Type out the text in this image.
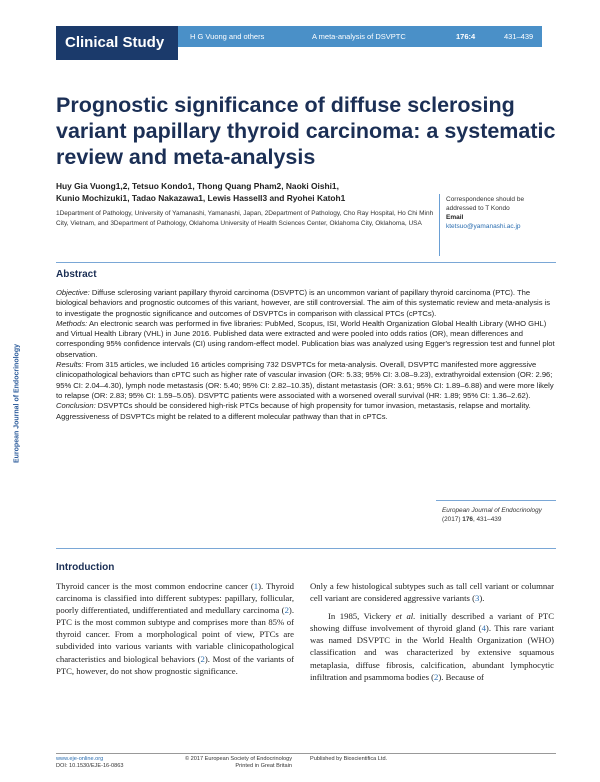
Clinical Study	H G Vuong and others	A meta-analysis of DSVPTC	176:4	431–439
European Journal of Endocrinology
Prognostic significance of diffuse sclerosing variant papillary thyroid carcinoma: a systematic review and meta-analysis
Huy Gia Vuong1,2, Tetsuo Kondo1, Thong Quang Pham2, Naoki Oishi1,
Kunio Mochizuki1, Tadao Nakazawa1, Lewis Hassell3 and Ryohei Katoh1
1Department of Pathology, University of Yamanashi, Yamanashi, Japan, 2Department of Pathology, Cho Ray Hospital, Ho Chi Minh City, Vietnam, and 3Department of Pathology, Oklahoma University of Health Sciences Center, Oklahoma City, Oklahoma, USA
Correspondence should be addressed to T Kondo
Email
ktetsuo@yamanashi.ac.jp
Abstract

Objective: Diffuse sclerosing variant papillary thyroid carcinoma (DSVPTC) is an uncommon variant of papillary thyroid carcinoma (PTC). The biological behaviors and prognostic outcomes of this variant, however, are still controversial. The aim of this systematic review and meta-analysis is to investigate the prognostic significance and outcomes of DSVPTCs in comparison with classical PTCs (cPTCs).

Methods: An electronic search was performed in five libraries: PubMed, Scopus, ISI, World Health Organization Global Health Library (WHO GHL) and Virtual Health Library (VHL) in June 2016. Published data were extracted and were pooled into odds ratios (OR), mean differences and corresponding 95% confidence intervals (CI) using random-effect model. Publication bias was analyzed using Egger's regression test and funnel plot observation.

Results: From 315 articles, we included 16 articles comprising 732 DSVPTCs for meta-analysis. Overall, DSVPTC manifested more aggressive clinicopathological behaviors than cPTC such as higher rate of vascular invasion (OR: 5.33; 95% CI: 3.08–9.23), extrathyroidal extension (OR: 2.96; 95% CI: 2.04–4.30), lymph node metastasis (OR: 5.40; 95% CI: 2.82–10.35), distant metastasis (OR: 3.61; 95% CI: 1.89–6.88) and were more likely to relapse (OR: 2.83; 95% CI: 1.59–5.05). DSVPTC patients were associated with a worsened overall survival (HR: 1.89; 95% CI: 1.36–2.62).

Conclusion: DSVPTCs should be considered high-risk PTCs because of high propensity for tumor invasion, metastasis, relapse and mortality. Aggressiveness of DSVPTCs might be related to a different molecular pathway than that in cPTCs.

European Journal of Endocrinology
(2017) 176, 431–439
Introduction

Thyroid cancer is the most common endocrine cancer (1). Thyroid carcinoma is classified into different subtypes: papillary, follicular, poorly differentiated, undifferentiated and medullary carcinoma (2). PTC is the most common subtype and comprises more than 85% of thyroid cancer. From a morphological point of view, PTCs are subdivided into various variants with variable clinicopathological characteristics and biological behaviors (2). Most of the variants of PTC, however, do not show prognostic significance.

Only a few histological subtypes such as tall cell variant or columnar cell variant are considered aggressive variants (3).

In 1985, Vickery et al. initially described a variant of PTC showing diffuse involvement of thyroid gland (4). This rare variant was named DSVPTC in the World Health Organization (WHO) classification and was characterized by extensive squamous metaplasia, diffuse fibrosis, calcification, abundant lymphocytic infiltration and psammoma bodies (2). Because of

www.eje-online.org
DOI: 10.1530/EJE-16-0863
© 2017 European Society of Endocrinology
Printed in Great Britain
Published by Bioscientifica Ltd.
